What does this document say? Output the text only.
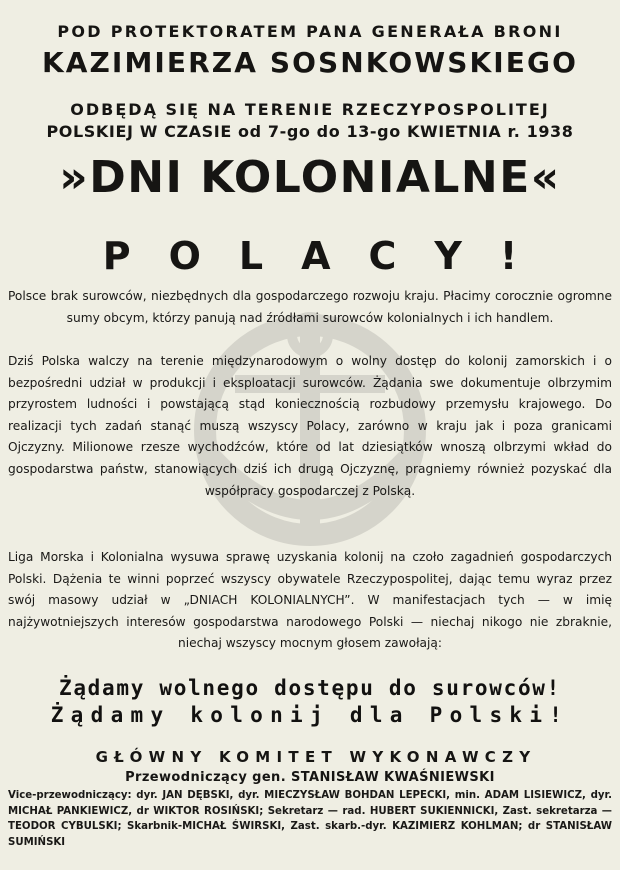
POD PROTEKTORATEM PANA GENERAŁA BRONI
KAZIMIERZA SOSNKOWSKIEGO
ODBĘDĄ SIĘ NA TERENIE RZECZYPOSPOLITEJ
POLSKIEJ W CZASIE od 7-go do 13-go KWIETNIA r. 1938
»DNI KOLONIALNE«
POLACY!
Polsce brak surowców, niezbędnych dla gospodarczego rozwoju kraju. Płacimy corocznie ogromne sumy obcym, którzy panują nad źródłami surowców kolonialnych i ich handlem.
Dziś Polska walczy na terenie międzynarodowym o wolny dostęp do kolonij zamorskich i o bezpośredni udział w produkcji i eksploatacji surowców. Żądania swe dokumentuje olbrzymim przyrostem ludności i powstającą stąd koniecznością rozbudowy przemysłu krajowego. Do realizacji tych zadań stanąć muszą wszyscy Polacy, zarówno w kraju jak i poza granicami Ojczyzny. Milionowe rzesze wychodźców, które od lat dziesiątków wnoszą olbrzymi wkład do gospodarstwa państw, stanowiących dziś ich drugą Ojczyznę, pragniemy również pozyskać dla współpracy gospodarczej z Polską.
Liga Morska i Kolonialna wysuwa sprawę uzyskania kolonij na czoło zagadnień gospodarczych Polski. Dążenia te winni poprzeć wszyscy obywatele Rzeczypospolitej, dając temu wyraz przez swój masowy udział w „DNIACH KOLONIALNYCH”. W manifestacjach tych — w imię najżywotniejszych interesów gospodarstwa narodowego Polski — niechaj nikogo nie zbraknie, niechaj wszyscy mocnym głosem zawołają:
Żądamy wolnego dostępu do surowców!
Żądamy kolonij dla Polski!
GŁÓWNY KOMITET WYKONAWCZY
Przewodniczący gen. STANISŁAW KWAŚNIEWSKI
Vice-przewodniczący: dyr. JAN DĘBSKI, dyr. MIECZYSŁAW BOHDAN LEPECKI, min. ADAM LISIEWICZ, dyr. MICHAŁ PANKIEWICZ, dr WIKTOR ROSIŃSKI; Sekretarz — rad. HUBERT SUKIENNICKI, Zast. sekretarza — TEODOR CYBULSKI; Skarbnik-MICHAŁ ŚWIRSKI, Zast. skarb.-dyr. KAZIMIERZ KOHLMAN; dr STANISŁAW SUMIŃSKI
